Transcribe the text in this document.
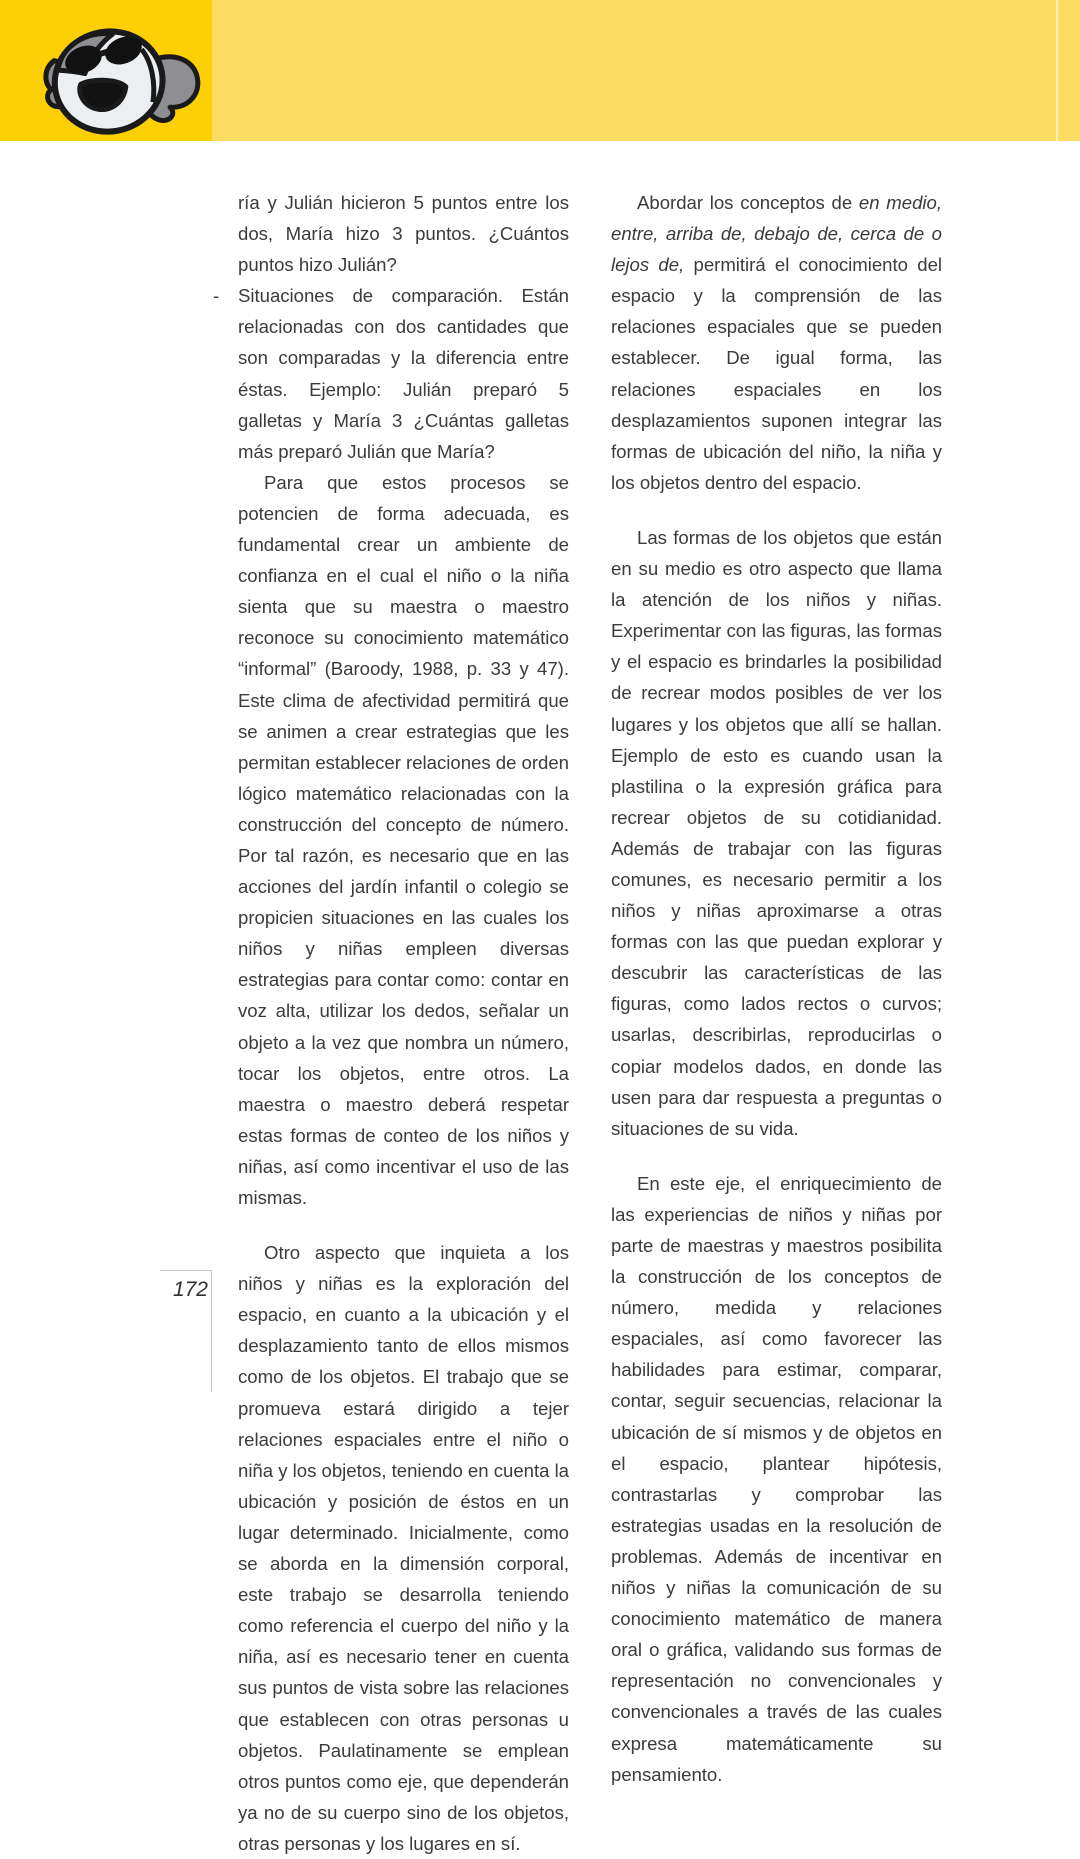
ría y Julián hicieron 5 puntos entre los dos, María hizo 3 puntos. ¿Cuántos puntos hizo Julián?

- Situaciones de comparación. Están relacionadas con dos cantidades que son comparadas y la diferencia entre éstas. Ejemplo: Julián preparó 5 galletas y María 3 ¿Cuántas galletas más preparó Julián que María?

Para que estos procesos se potencien de forma adecuada, es fundamental crear un ambiente de confianza en el cual el niño o la niña sienta que su maestra o maestro reconoce su conocimiento matemático “informal” (Baroody, 1988, p. 33 y 47). Este clima de afectividad permitirá que se animen a crear estrategias que les permitan establecer relaciones de orden lógico matemático relacionadas con la construcción del concepto de número. Por tal razón, es necesario que en las acciones del jardín infantil o colegio se propicien situaciones en las cuales los niños y niñas empleen diversas estrategias para contar como: contar en voz alta, utilizar los dedos, señalar un objeto a la vez que nombra un número, tocar los objetos, entre otros. La maestra o maestro deberá respetar estas formas de conteo de los niños y niñas, así como incentivar el uso de las mismas.

Otro aspecto que inquieta a los niños y niñas es la exploración del espacio, en cuanto a la ubicación y el desplazamiento tanto de ellos mismos como de los objetos. El trabajo que se promueva estará dirigido a tejer relaciones espaciales entre el niño o niña y los objetos, teniendo en cuenta la ubicación y posición de éstos en un lugar determinado. Inicialmente, como se aborda en la dimensión corporal, este trabajo se desarrolla teniendo como referencia el cuerpo del niño y la niña, así es necesario tener en cuenta sus puntos de vista sobre las relaciones que establecen con otras personas u objetos. Paulatinamente se emplean otros puntos como eje, que dependerán ya no de su cuerpo sino de los objetos, otras personas y los lugares en sí.

Abordar los conceptos de en medio, entre, arriba de, debajo de, cerca de o lejos de, permitirá el conocimiento del espacio y la comprensión de las relaciones espaciales que se pueden establecer. De igual forma, las relaciones espaciales en los desplazamientos suponen integrar las formas de ubicación del niño, la niña y los objetos dentro del espacio.

Las formas de los objetos que están en su medio es otro aspecto que llama la atención de los niños y niñas. Experimentar con las figuras, las formas y el espacio es brindarles la posibilidad de recrear modos posibles de ver los lugares y los objetos que allí se hallan. Ejemplo de esto es cuando usan la plastilina o la expresión gráfica para recrear objetos de su cotidianidad. Además de trabajar con las figuras comunes, es necesario permitir a los niños y niñas aproximarse a otras formas con las que puedan explorar y descubrir las características de las figuras, como lados rectos o curvos; usarlas, describirlas, reproducirlas o copiar modelos dados, en donde las usen para dar respuesta a preguntas o situaciones de su vida.

En este eje, el enriquecimiento de las experiencias de niños y niñas por parte de maestras y maestros posibilita la construcción de los conceptos de número, medida y relaciones espaciales, así como favorecer las habilidades para estimar, comparar, contar, seguir secuencias, relacionar la ubicación de sí mismos y de objetos en el espacio, plantear hipótesis, contrastarlas y comprobar las estrategias usadas en la resolución de problemas. Además de incentivar en niños y niñas la comunicación de su conocimiento matemático de manera oral o gráfica, validando sus formas de representación no convencionales y convencionales a través de las cuales expresa matemáticamente su pensamiento.

172
